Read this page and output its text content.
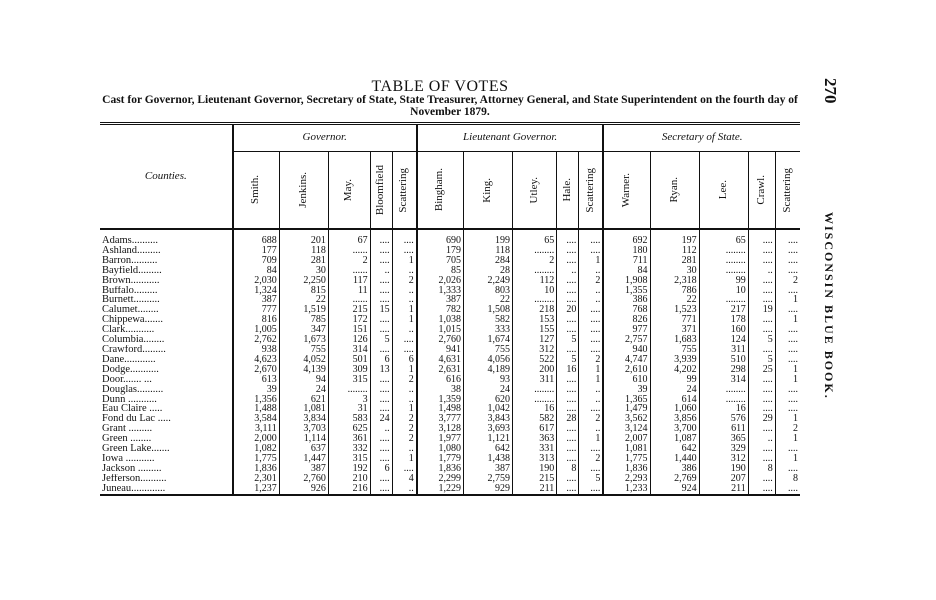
TABLE OF VOTES
Cast for Governor, Lieutenant Governor, Secretary of State, State Treasurer, Attorney General, and State Superintendent on the fourth day of November 1879.
270
WISCONSIN BLUE BOOK.
Counties.	Governor.					Lieutenant Governor.					Secretary of State.				

	Smith.	Jenkins.	May.	Bloomfield	Scattering	Bingham.	King.	Utley.	Hale.	Scattering	Warner.	Ryan.	Lee.	Crawl.	Scattering

Adams..........	688	201	67	....	....	690	199	65	....	....	692	197	65	....	....
Ashland.........	177	118	......	....	....	179	118	........	....	....	180	112	........	....	....
Barron..........	709	281	2	....	1	705	284	2	....	1	711	281	........	....	....
Bayfield.........	84	30	......	..	..	85	28	........	..	..	84	30	........	..	....
Brown...........	2,030	2,250	117	....	2	2,026	2,249	112	....	2	1,908	2,318	99	....	2
Buffalo.........	1,324	815	11	....	..	1,333	803	10	....	..	1,355	786	10	....	....
Burnett..........	387	22	......	....	..	387	22	........	....	..	386	22	........	....	1
Calumet........	777	1,519	215	15	1	782	1,508	218	20	....	768	1,523	217	19	....
Chippewa.......	816	785	172	....	1	1,038	582	153	....	....	826	771	178	....	1
Clark...........	1,005	347	151	....	..	1,015	333	155	....	....	977	371	160	....	....
Columbia........	2,762	1,673	126	5	....	2,760	1,674	127	5	....	2,757	1,683	124	5	....
Crawford.........	938	755	314	....	....	941	755	312	....	....	940	755	311	....	....
Dane............	4,623	4,052	501	6	6	4,631	4,056	522	5	2	4,747	3,939	510	5	....
Dodge...........	2,670	4,139	309	13	1	2,631	4,189	200	16	1	2,610	4,202	298	25	1
Door....... ...	613	94	315	....	2	616	93	311	....	1	610	99	314	....	1
Douglas..........	39	24	........	....	..	38	24	........	....	..	39	24	........	....	....
Dunn ...........	1,356	621	3	....	..	1,359	620	........	....	..	1,365	614	........	....	....
Eau Claire .....	1,488	1,081	31	....	1	1,498	1,042	16	....	....	1,479	1,060	16	....	....
Fond du Lac .....	3,584	3,834	583	24	2	3,777	3,843	582	28	2	3,562	3,856	576	29	1
Grant .........	3,111	3,703	625	..	2	3,128	3,693	617	....	..	3,124	3,700	611	....	2
Green ........	2,000	1,114	361	....	2	1,977	1,121	363	....	1	2,007	1,087	365	..	1
Green Lake.......	1,082	637	332	....	..	1,080	642	331	....	....	1,081	642	329	....	....
Iowa ...........	1,775	1,447	315	....	1	1,779	1,438	313	....	2	1,775	1,440	312	....	1
Jackson .........	1,836	387	192	6	....	1,836	387	190	8	....	1,836	386	190	8	....
Jefferson..........	2,301	2,760	210	....	4	2,299	2,759	215	....	5	2,293	2,769	207	....	8
Juneau.............	1,237	926	216	....	..	1,229	929	211	....	....	1,233	924	211	....	....
